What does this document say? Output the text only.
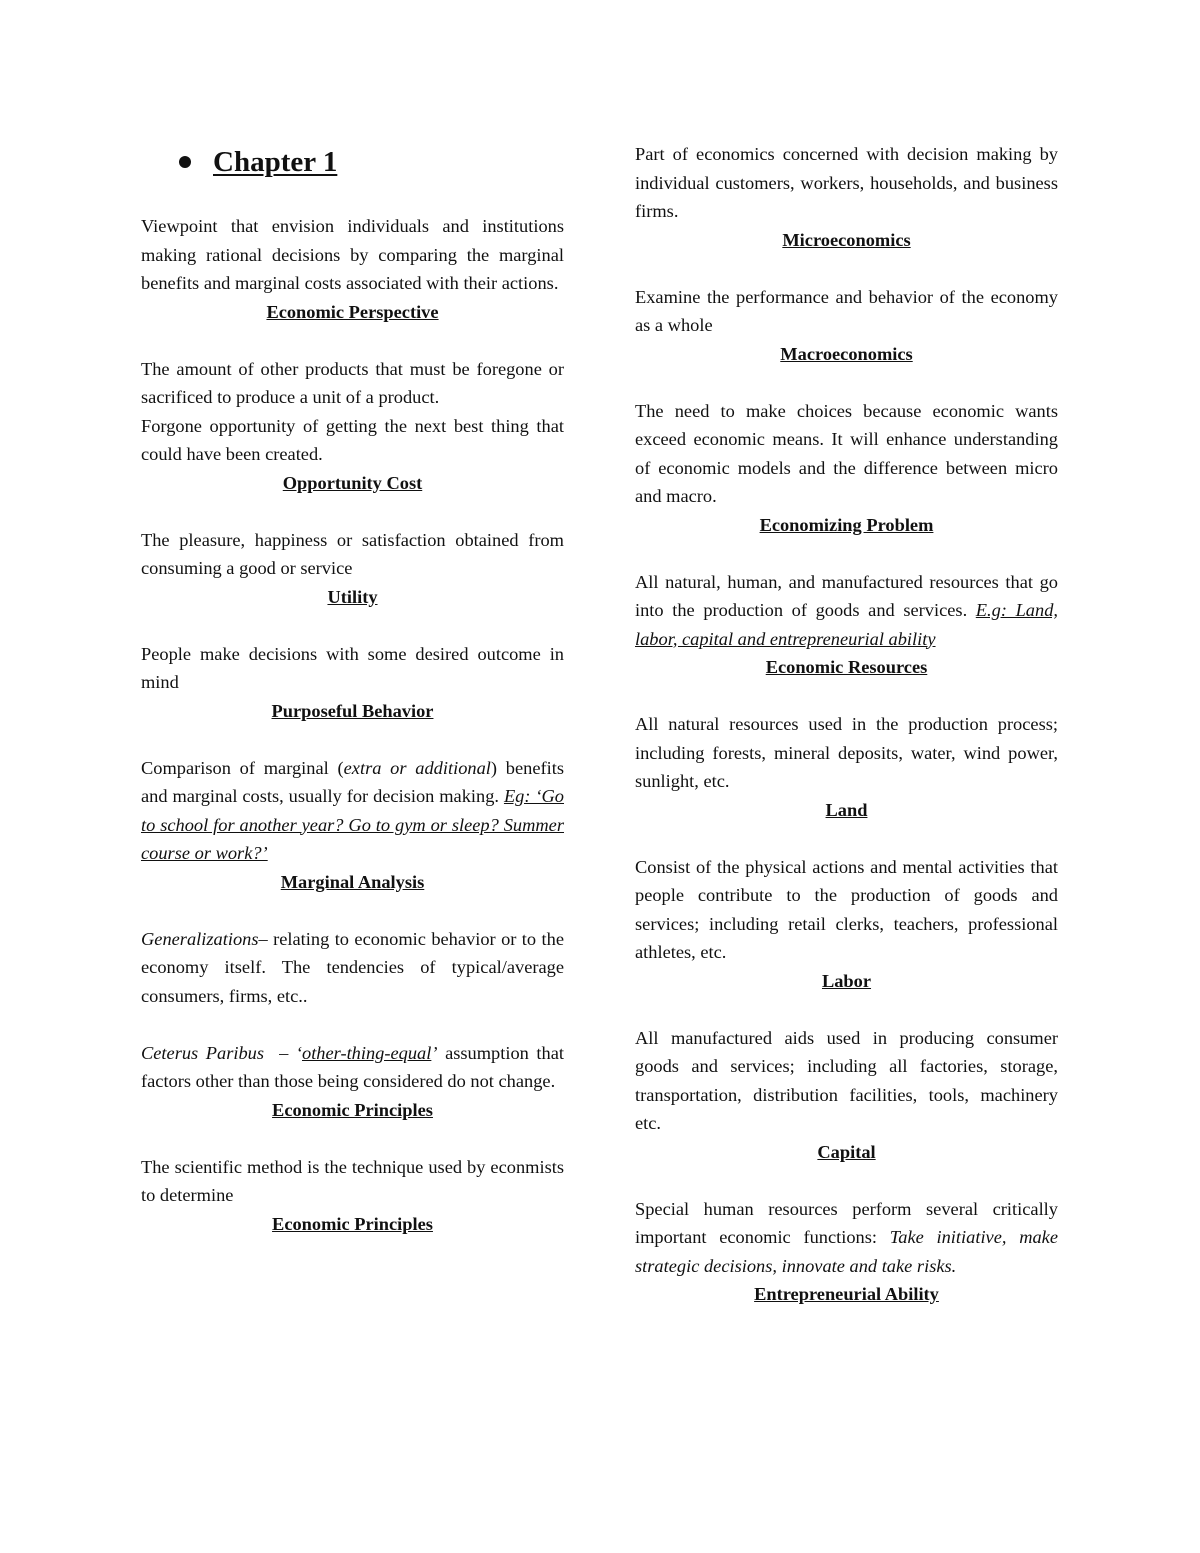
Chapter 1

Viewpoint that envision individuals and institutions making rational decisions by comparing the marginal benefits and marginal costs associated with their actions.

Economic Perspective

The amount of other products that must be foregone or sacrificed to produce a unit of a product.

Forgone opportunity of getting the next best thing that could have been created.

Opportunity Cost

The pleasure, happiness or satisfaction obtained from consuming a good or service

Utility

People make decisions with some desired outcome in mind

Purposeful Behavior

Comparison of marginal (extra or additional) benefits and marginal costs, usually for decision making. Eg: ‘Go to school for another year? Go to gym or sleep? Summer course or work?’

Marginal Analysis

Generalizations– relating to economic behavior or to the economy itself. The tendencies of typical/average consumers, firms, etc..

Ceterus Paribus – ‘other-thing-equal’ assumption that factors other than those being considered do not change.

Economic Principles

The scientific method is the technique used by econmists to determine

Economic Principles

Part of economics concerned with decision making by individual customers, workers, households, and business firms.

Microeconomics

Examine the performance and behavior of the economy as a whole

Macroeconomics

The need to make choices because economic wants exceed economic means. It will enhance understanding of economic models and the difference between micro and macro.

Economizing Problem

All natural, human, and manufactured resources that go into the production of goods and services. E.g: Land, labor, capital and entrepreneurial ability

Economic Resources

All natural resources used in the production process; including forests, mineral deposits, water, wind power, sunlight, etc.

Land

Consist of the physical actions and mental activities that people contribute to the production of goods and services; including retail clerks, teachers, professional athletes, etc.

Labor

All manufactured aids used in producing consumer goods and services; including all factories, storage, transportation, distribution facilities, tools, machinery etc.

Capital

Special human resources perform several critically important economic functions: Take initiative, make strategic decisions, innovate and take risks.

Entrepreneurial Ability
